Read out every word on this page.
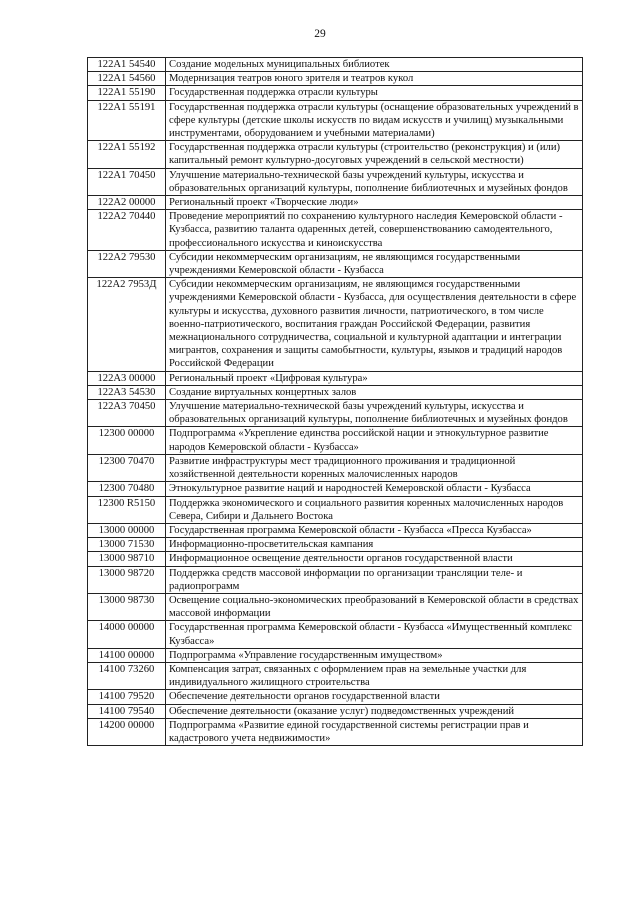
29
122A1 54540	Создание модельных муниципальных библиотек
122A1 54560	Модернизация театров юного зрителя и театров кукол
122A1 55190	Государственная поддержка отрасли культуры
122A1 55191	Государственная поддержка отрасли культуры (оснащение образовательных учреждений в сфере культуры (детские школы искусств по видам искусств и училищ) музыкальными инструментами, оборудованием и учебными материалами)
122A1 55192	Государственная поддержка отрасли культуры (строительство (реконструкция) и (или) капитальный ремонт культурно-досуговых учреждений в сельской местности)
122A1 70450	Улучшение материально-технической базы учреждений культуры, искусства и образовательных организаций культуры, пополнение библиотечных и музейных фондов
122A2 00000	Региональный проект «Творческие люди»
122A2 70440	Проведение мероприятий по сохранению культурного наследия Кемеровской области - Кузбасса, развитию таланта одаренных детей, совершенствованию самодеятельного, профессионального искусства и киноискусства
122A2 79530	Субсидии некоммерческим организациям, не являющимся государственными учреждениями Кемеровской области - Кузбасса
122A2 7953Д	Субсидии некоммерческим организациям, не являющимся государственными учреждениями Кемеровской области - Кузбасса, для осуществления деятельности в сфере культуры и искусства, духовного развития личности, патриотического, в том числе военно-патриотического, воспитания граждан Российской Федерации, развития межнационального сотрудничества, социальной и культурной адаптации и интеграции мигрантов, сохранения и защиты самобытности, культуры, языков и традиций народов Российской Федерации
122A3 00000	Региональный проект «Цифровая культура»
122A3 54530	Создание виртуальных концертных залов
122A3 70450	Улучшение материально-технической базы учреждений культуры, искусства и образовательных организаций культуры, пополнение библиотечных и музейных фондов
12300 00000	Подпрограмма «Укрепление единства российской нации и этнокультурное развитие народов Кемеровской области - Кузбасса»
12300 70470	Развитие инфраструктуры мест традиционного проживания и традиционной хозяйственной деятельности коренных малочисленных народов
12300 70480	Этнокультурное развитие наций и народностей Кемеровской области - Кузбасса
12300 R5150	Поддержка экономического и социального развития коренных малочисленных народов Севера, Сибири и Дальнего Востока
13000 00000	Государственная программа Кемеровской области - Кузбасса «Пресса Кузбасса»
13000 71530	Информационно-просветительская кампания
13000 98710	Информационное освещение деятельности органов государственной власти
13000 98720	Поддержка средств массовой информации по организации трансляции теле- и радиопрограмм
13000 98730	Освещение социально-экономических преобразований в Кемеровской области в средствах массовой информации
14000 00000	Государственная программа Кемеровской области - Кузбасса «Имущественный комплекс Кузбасса»
14100 00000	Подпрограмма «Управление государственным имуществом»
14100 73260	Компенсация затрат, связанных с оформлением прав на земельные участки для индивидуального жилищного строительства
14100 79520	Обеспечение деятельности органов государственной власти
14100 79540	Обеспечение деятельности (оказание услуг) подведомственных учреждений
14200 00000	Подпрограмма «Развитие единой государственной системы регистрации прав и кадастрового учета недвижимости»
